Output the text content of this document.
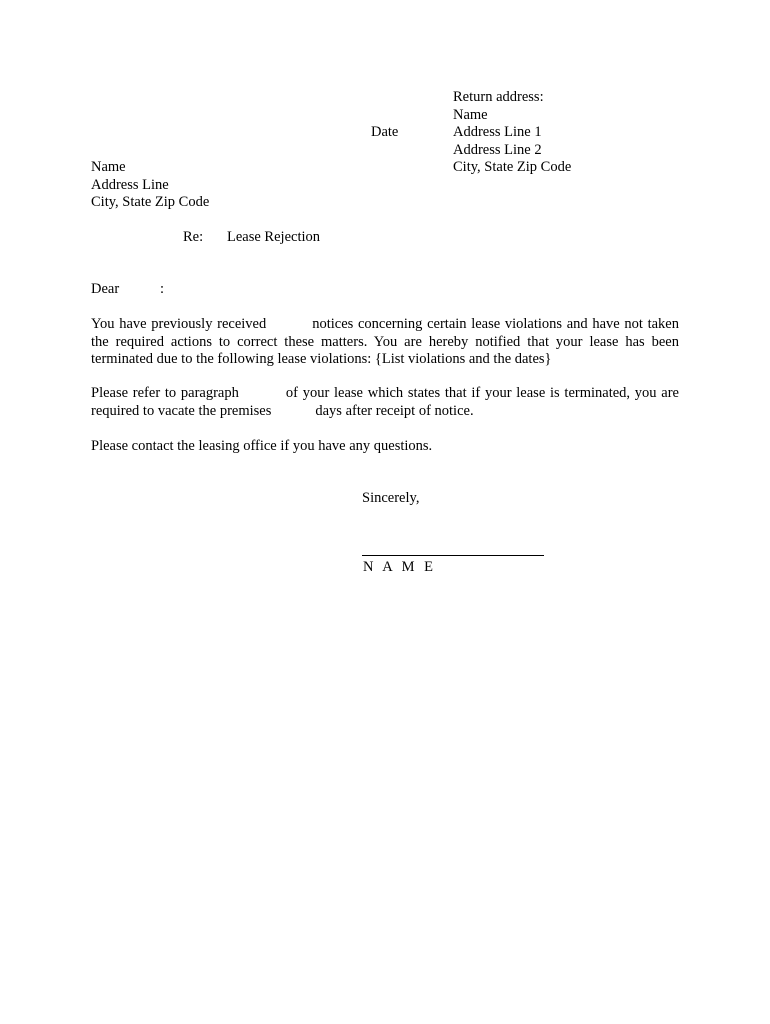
Return address:
Name
Address Line 1
Address Line 2
City, State Zip Code
Date
Name
Address Line
City, State Zip Code
Re: Lease Rejection
Dear	:
You have previously received	notices concerning certain lease violations and have not taken the required actions to correct these matters. You are hereby notified that your lease has been terminated due to the following lease violations: {List violations and the dates}
Please refer to paragraph	of your lease which states that if your lease is terminated, you are required to vacate the premises	days after receipt of notice.
Please contact the leasing office if you have any questions.
Sincerely,
N A M E
